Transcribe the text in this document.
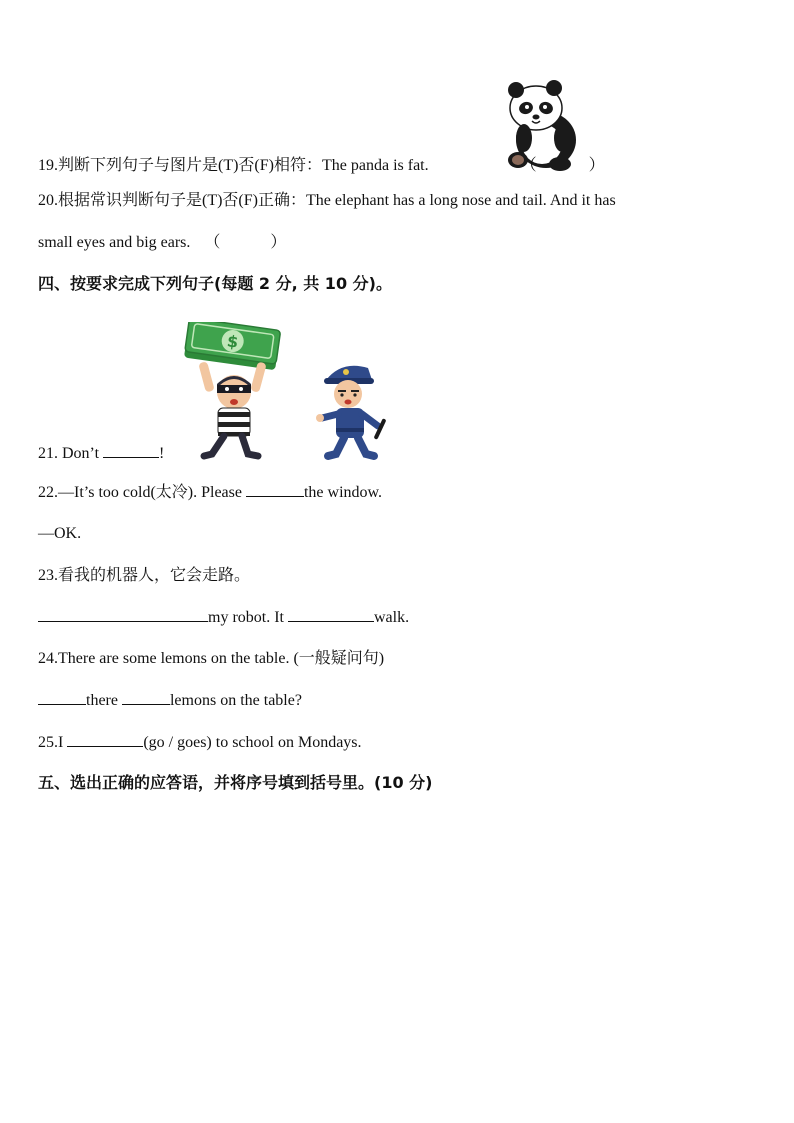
19.判断下列句子与图片是(T)否(F)相符：The panda is fat.	（	）
20.根据常识判断句子是(T)否(F)正确：The elephant has a long nose and tail. And it has
small eyes and big ears. （	）
四、按要求完成下列句子(每题 2 分, 共 10 分)。
$
21. Don’t	!
22.—It’s too cold(太冷). Please	the window.
—OK.
23.看我的机器人，它会走路。
my robot. It	walk.
24.There are some lemons on the table. (一般疑问句)
there	lemons on the table?
25.I	(go / goes) to school on Mondays.
五、选出正确的应答语，并将序号填到括号里。(10 分)
